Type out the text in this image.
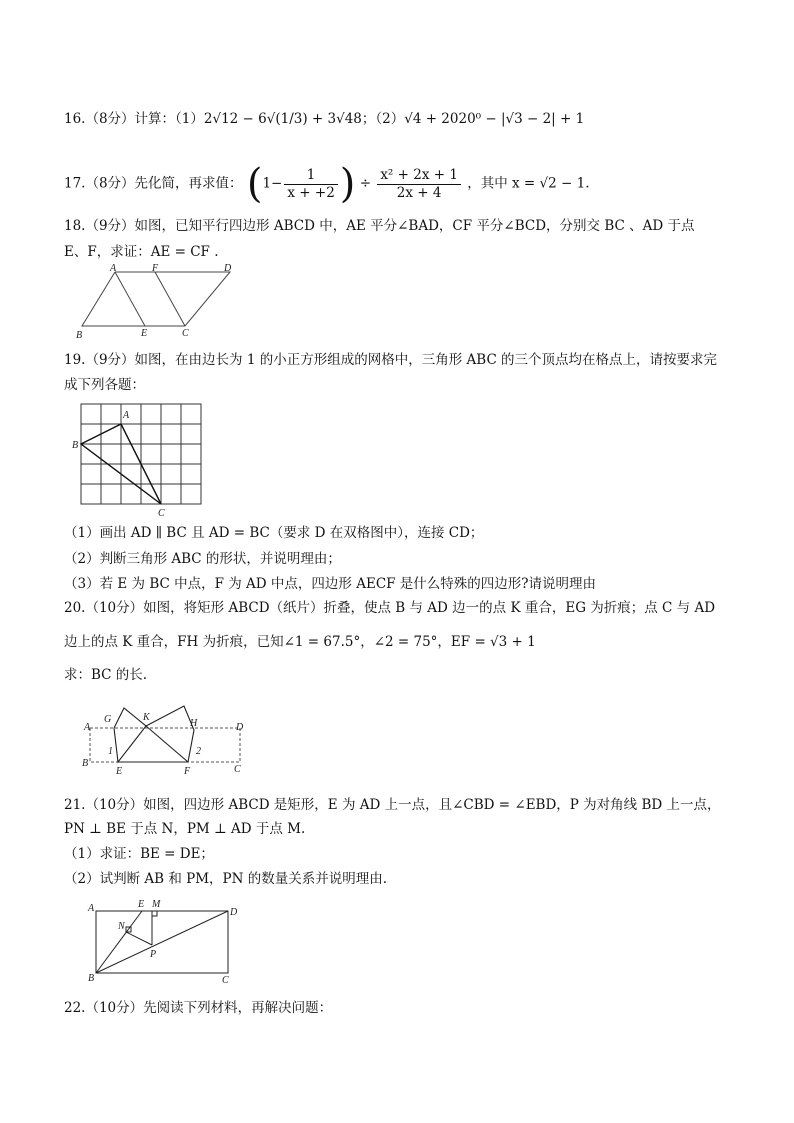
16.（8分）计算：（1）2√12 − 6√(1/3) + 3√48；（2）√4 + 2020⁰ − |√3 − 2| + 1
17.（8分）先化简，再求值： ($1- \frac{1}{x + +2}$ ) ÷ $\frac{\text{x² + 2x + 1}}{2x + 4}$ ，其中 x = √2 − 1.
18.（9分）如图，已知平行四边形 ABCD 中，AE 平分∠BAD，CF 平分∠BCD，分别交 BC 、AD 于点
E、F，求证：AE = CF .
A	F	D
B	E	C
19.（9分）如图，在由边长为 1 的小正方形组成的网格中，三角形 ABC 的三个顶点均在格点上，请按要求完
成下列各题：
A
B
C
（1）画出 AD ∥ BC 且 AD = BC（要求 D 在双格图中），连接 CD；
（2）判断三角形 ABC 的形状，并说明理由；
（3）若 E 为 BC 中点，F 为 AD 中点，四边形 AECF 是什么特殊的四边形?请说明理由
20.（10分）如图，将矩形 ABCD（纸片）折叠，使点 B 与 AD 边一的点 K 重合，EG 为折痕；点 C 与 AD
边上的点 K 重合，FH 为折痕，已知∠1 = 67.5°，∠2 = 75°，EF = √3 + 1
求：BC 的长.
A
G	K
H	D
1	2
B
E	F	C
21.（10分）如图，四边形 ABCD 是矩形，E 为 AD 上一点，且∠CBD = ∠EBD，P 为对角线 BD 上一点，
PN ⊥ BE 于点 N，PM ⊥ AD 于点 M.
（1）求证：BE = DE；
（2）试判断 AB 和 PM，PN 的数量关系并说明理由.
A	E M
D
N
P
B	C
22.（10分）先阅读下列材料，再解决问题：
